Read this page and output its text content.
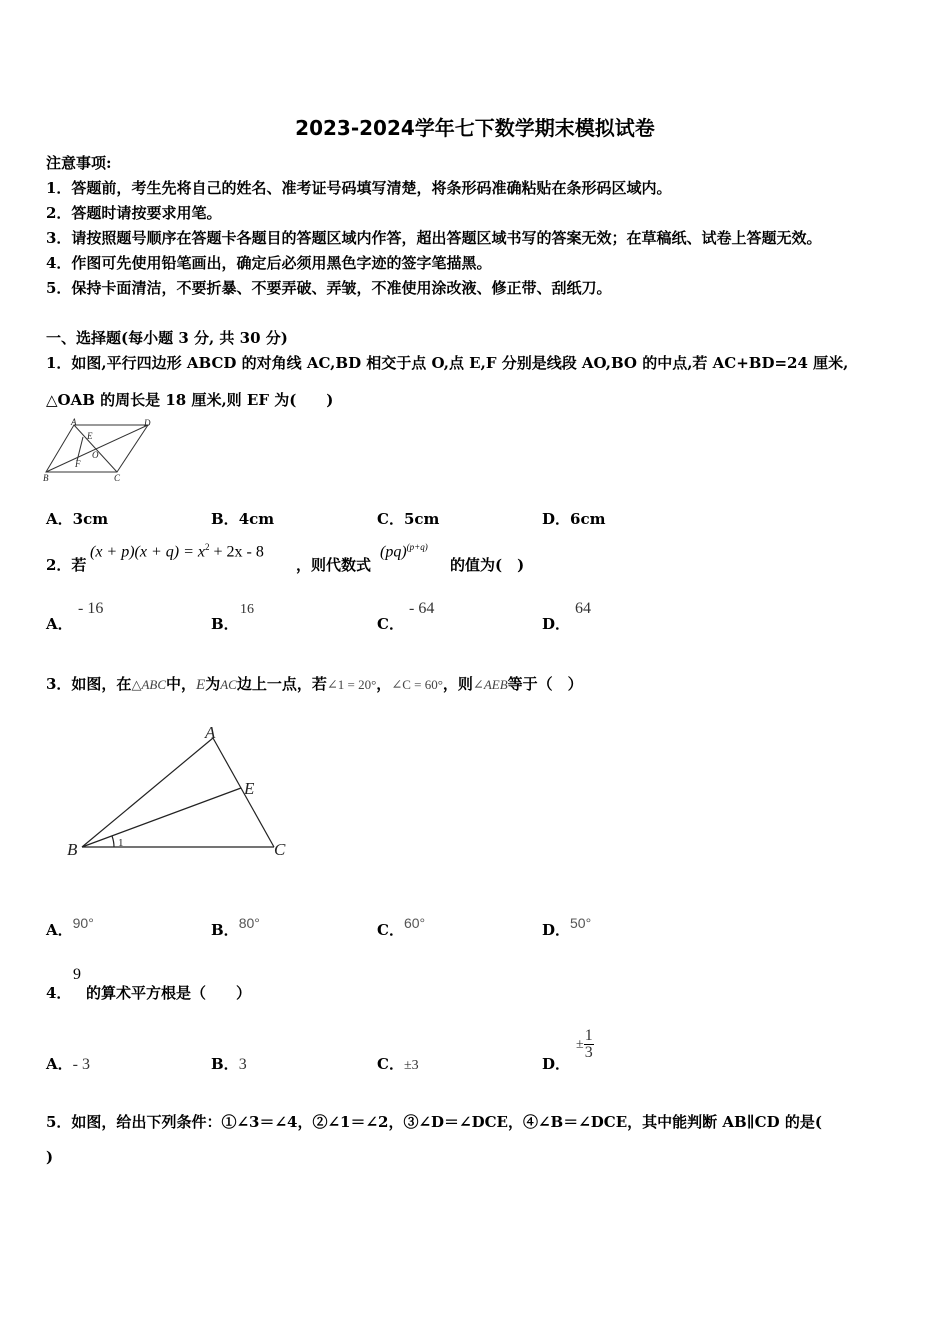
2023-2024学年七下数学期末模拟试卷
注意事项:
1．答题前，考生先将自己的姓名、准考证号码填写清楚，将条形码准确粘贴在条形码区域内。
2．答题时请按要求用笔。
3．请按照题号顺序在答题卡各题目的答题区域内作答，超出答题区域书写的答案无效；在草稿纸、试卷上答题无效。
4．作图可先使用铅笔画出，确定后必须用黑色字迹的签字笔描黑。
5．保持卡面清洁，不要折暴、不要弄破、弄皱，不准使用涂改液、修正带、刮纸刀。
一、选择题(每小题 3 分, 共 30 分)
1．如图,平行四边形 ABCD 的对角线 AC,BD 相交于点 O,点 E,F 分别是线段 AO,BO 的中点,若 AC+BD=24 厘米,
△OAB 的周长是 18 厘米,则 EF 为(　　)
A	D
E
O
F
B	C
A．3cm	B．4cm	C．5cm	D．6cm
2．若
$(x + p)(x + q) = x^2 + 2x - 8$
，则代数式
(pq)$^{(p+q)}$
的值为(　)
A．
- 16
B．
16
C．
- 64
D．
64
3．如图，在△ABC中，E为AC边上一点，若∠1 = 20°，∠C = 60°，则∠AEB等于（　）
A
E
B	C
1
A．90°	B．80°	C．60°	D．50°
4．
9
的算术平方根是（　　）
A．- 3	B．3	C．±3	D．
± $\frac{1}{3}$
5．如图，给出下列条件：①∠3＝∠4，②∠1＝∠2，③∠D＝∠DCE，④∠B＝∠DCE，其中能判断 AB∥CD 的是(
)
